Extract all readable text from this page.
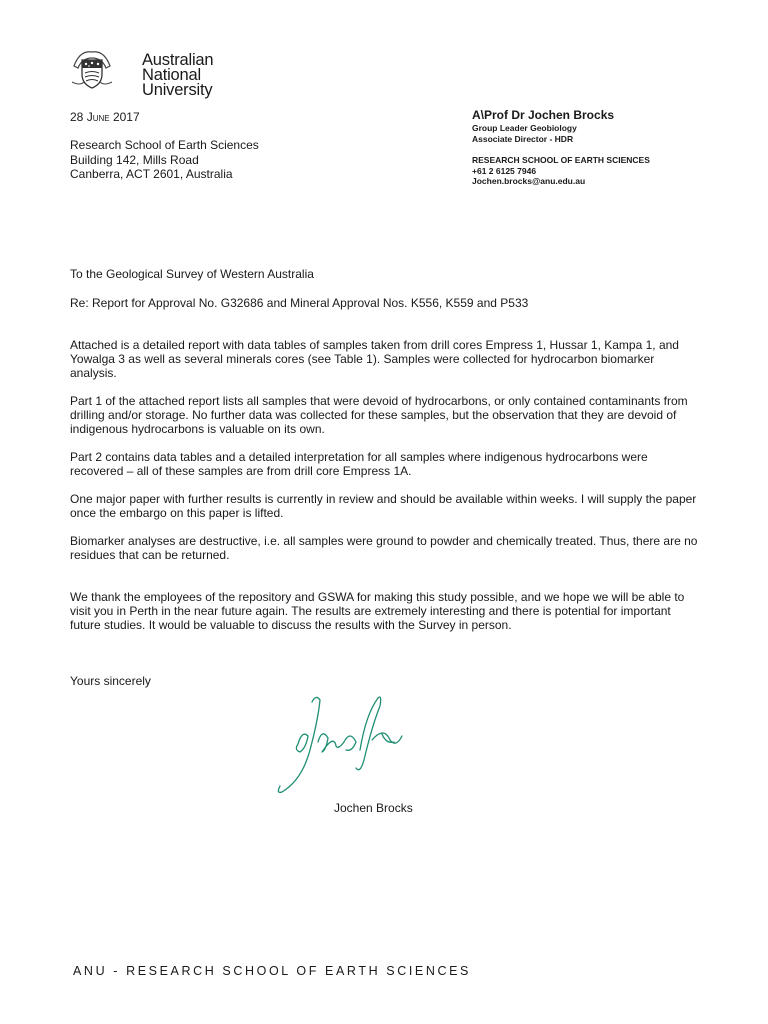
Australian
National
University
28 June 2017
Research School of Earth Sciences
Building 142, Mills Road
Canberra, ACT 2601, Australia
A\Prof Dr Jochen Brocks
Group Leader Geobiology
Associate Director - HDR
RESEARCH SCHOOL OF EARTH SCIENCES
+61 2 6125 7946
Jochen.brocks@anu.edu.au
To the Geological Survey of Western Australia
Re: Report for Approval No. G32686 and Mineral Approval Nos. K556, K559 and P533
Attached is a detailed report with data tables of samples taken from drill cores Empress 1, Hussar 1, Kampa 1, and Yowalga 3 as well as several minerals cores (see Table 1). Samples were collected for hydrocarbon biomarker analysis.
Part 1 of the attached report lists all samples that were devoid of hydrocarbons, or only contained contaminants from drilling and/or storage. No further data was collected for these samples, but the observation that they are devoid of indigenous hydrocarbons is valuable on its own.
Part 2 contains data tables and a detailed interpretation for all samples where indigenous hydrocarbons were recovered – all of these samples are from drill core Empress 1A.
One major paper with further results is currently in review and should be available within weeks. I will supply the paper once the embargo on this paper is lifted.
Biomarker analyses are destructive, i.e. all samples were ground to powder and chemically treated. Thus, there are no residues that can be returned.
We thank the employees of the repository and GSWA for making this study possible, and we hope we will be able to visit you in Perth in the near future again. The results are extremely interesting and there is potential for important future studies. It would be valuable to discuss the results with the Survey in person.
Yours sincerely
Jochen Brocks
ANU - RESEARCH SCHOOL OF EARTH SCIENCES
